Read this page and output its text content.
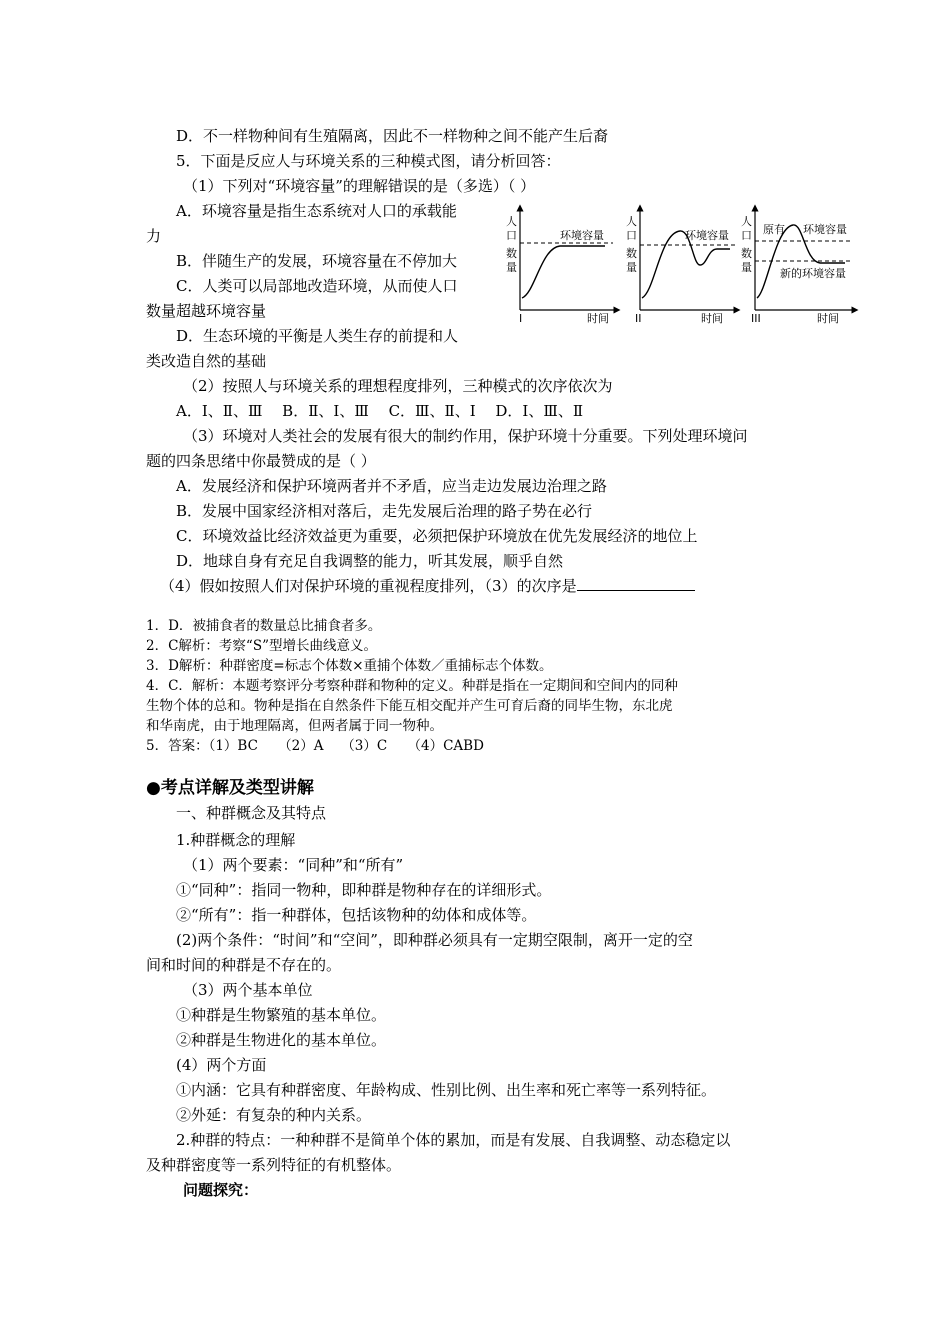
D．不一样物种间有生殖隔离，因此不一样物种之间不能产生后裔
5．下面是反应人与环境关系的三种模式图，请分析回答：
（1）下列对“环境容量”的理解错误的是（多选）（ ）
A．环境容量是指生态系统对人口的承载能
力
B．伴随生产的发展，环境容量在不停加大
C．人类可以局部地改造环境，从而使人口
数量超越环境容量
D．生态环境的平衡是人类生存的前提和人
类改造自然的基础
（2）按照人与环境关系的理想程度排列，三种模式的次序依次为
A．Ⅰ、Ⅱ、Ⅲ　 B．Ⅱ、Ⅰ、Ⅲ　 C．Ⅲ、Ⅱ、Ⅰ　 D．Ⅰ、Ⅲ、Ⅱ
（3）环境对人类社会的发展有很大的制约作用，保护环境十分重要。下列处理环境问
题的四条思绪中你最赞成的是（ ）
A．发展经济和保护环境两者并不矛盾，应当走边发展边治理之路
B．发展中国家经济相对落后，走先发展后治理的路子势在必行
C．环境效益比经济效益更为重要，必须把保护环境放在优先发展经济的地位上
D．地球自身有充足自我调整的能力，听其发展，顺乎自然
（4）假如按照人们对保护环境的重视程度排列，（3）的次序是
人
口
数
量
环境容量
I	时间
人
口
数
量
环境容量
II	时间
人
口
数
量
原有 环境容量
新的环境容量
III	时间
1．D．被捕食者的数量总比捕食者多。
2．C解析：考察“S”型增长曲线意义。
3．D解析：种群密度=标志个体数×重捕个体数／重捕标志个体数。
4．C．解析：本题考察评分考察种群和物种的定义。种群是指在一定期间和空间内的同种
生物个体的总和。物种是指在自然条件下能互相交配并产生可育后裔的同毕生物，东北虎
和华南虎，由于地理隔离，但两者属于同一物种。
5．答案：（1）BC　　（2）A　 （3）C　　（4）CABD
●考点详解及类型讲解
一、种群概念及其特点
1.种群概念的理解
（1）两个要素：“同种”和“所有”
①“同种”：指同一物种，即种群是物种存在的详细形式。
②“所有”：指一种群体，包括该物种的幼体和成体等。
(2)两个条件：“时间”和“空间”，即种群必须具有一定期空限制，离开一定的空
间和时间的种群是不存在的。
（3）两个基本单位
①种群是生物繁殖的基本单位。
②种群是生物进化的基本单位。
(4）两个方面
①内涵：它具有种群密度、年龄构成、性别比例、出生率和死亡率等一系列特征。
②外延：有复杂的种内关系。
2.种群的特点：一种种群不是简单个体的累加，而是有发展、自我调整、动态稳定以
及种群密度等一系列特征的有机整体。
问题探究：
